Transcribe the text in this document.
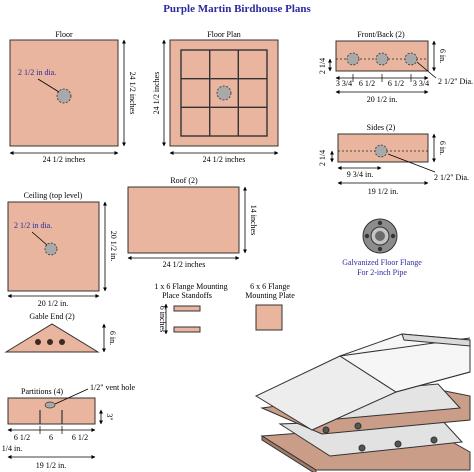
Purple Martin Birdhouse Plans
Floor
2 1/2 in dia.
24 1/2 inches
24 1/2 inches
Floor Plan
24 1/2 inches
24 1/2 inches
Front/Back (2)
6 in.
2 1/4
3 3/4 6 1/2 6 1/2 3 3/4 2 1/2" Dia.
20 1/2 in.
Sides (2)
6 in.
2 1/4
9 3/4 in.	2 1/2" Dia.
19 1/2 in.
Ceiling (top level)
2 1/2 in dia.
20 1/2 in.
20 1/2 in.
Roof (2)
24 1/2 inches
14 inches
Galvanized Floor Flange
For 2-inch Pipe
1 x 6 Flange Mounting
Place Standoffs
6 inches
6 x 6 Flange
Mounting Plate
Gable End (2)
6 in.
Partitions (4)	1/2" vent hole
3"
6 1/2 6 6 1/2
1/4 in.
19 1/2 in.
